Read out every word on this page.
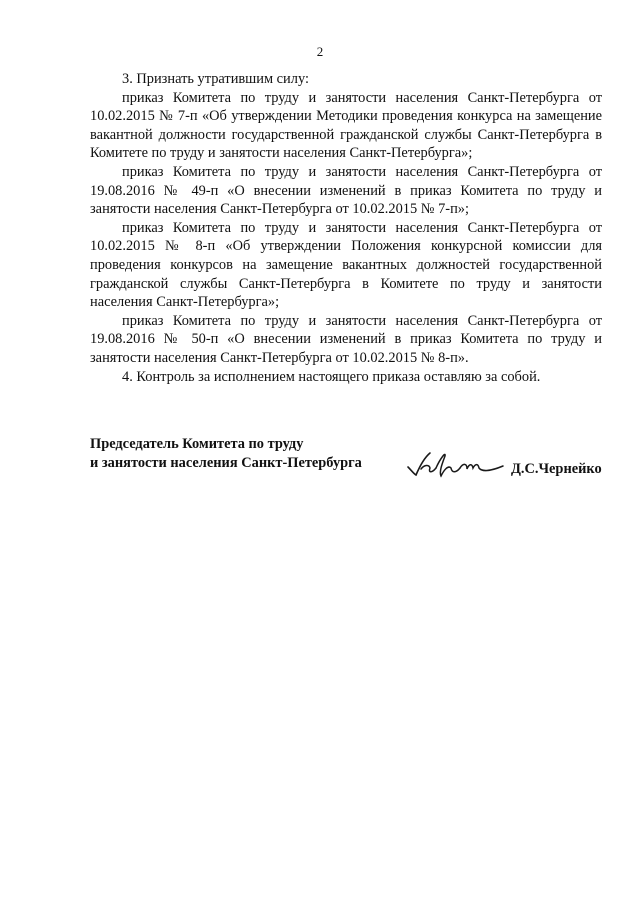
2

3. Признать утратившим силу:

приказ Комитета по труду и занятости населения Санкт-Петербурга от 10.02.2015 № 7-п «Об утверждении Методики проведения конкурса на замещение вакантной должности государственной гражданской службы Санкт-Петербурга в Комитете по труду и занятости населения Санкт-Петербурга»;

приказ Комитета по труду и занятости населения Санкт-Петербурга от 19.08.2016 № 49-п «О внесении изменений в приказ Комитета по труду и занятости населения Санкт-Петербурга от 10.02.2015 № 7-п»;

приказ Комитета по труду и занятости населения Санкт-Петербурга от 10.02.2015 № 8-п «Об утверждении Положения конкурсной комиссии для проведения конкурсов на замещение вакантных должностей государственной гражданской службы Санкт-Петербурга в Комитете по труду и занятости населения Санкт-Петербурга»;

приказ Комитета по труду и занятости населения Санкт-Петербурга от 19.08.2016 № 50-п «О внесении изменений в приказ Комитета по труду и занятости населения Санкт-Петербурга от 10.02.2015 № 8-п».

4. Контроль за исполнением настоящего приказа оставляю за собой.

Председатель Комитета по труду
и занятости населения Санкт-Петербурга	Д.С.Чернейко
